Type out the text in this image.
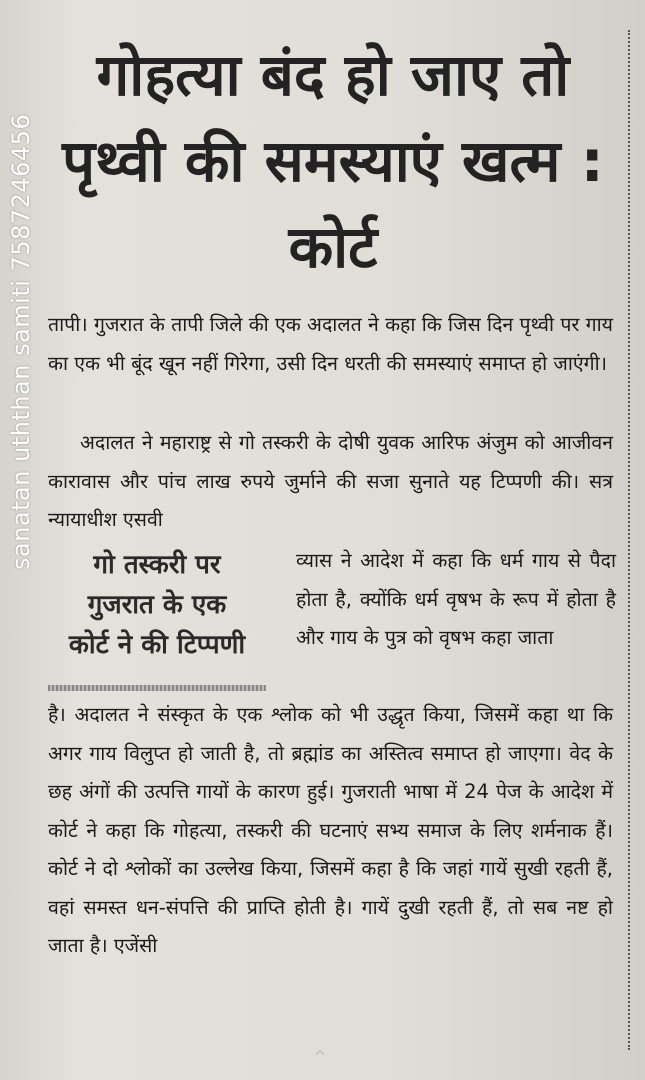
sanatan uththan samiti 7587246456
गोहत्या बंद हो जाए तो पृथ्वी की समस्याएं खत्म : कोर्ट

तापी। गुजरात के तापी जिले की एक अदालत ने कहा कि जिस दिन पृथ्वी पर गाय का एक भी बूंद खून नहीं गिरेगा, उसी दिन धरती की समस्याएं समाप्त हो जाएंगी।

अदालत ने महाराष्ट्र से गो तस्करी के दोषी युवक आरिफ अंजुम को आजीवन कारावास और पांच लाख रुपये जुर्माने की सजा सुनाते यह टिप्पणी की। सत्र न्यायाधीश एसवी

गो तस्करी पर

गुजरात के एक

कोर्ट ने की टिप्पणी

व्यास ने आदेश में कहा कि धर्म गाय से पैदा होता है, क्योंकि धर्म वृषभ के रूप में होता है और गाय के पुत्र को वृषभ कहा जाता

है। अदालत ने संस्कृत के एक श्लोक को भी उद्धृत किया, जिसमें कहा था कि अगर गाय विलुप्त हो जाती है, तो ब्रह्मांड का अस्तित्व समाप्त हो जाएगा। वेद के छह अंगों की उत्पत्ति गायों के कारण हुई। गुजराती भाषा में 24 पेज के आदेश में कोर्ट ने कहा कि गोहत्या, तस्करी की घटनाएं सभ्य समाज के लिए शर्मनाक हैं। कोर्ट ने दो श्लोकों का उल्लेख किया, जिसमें कहा है कि जहां गायें सुखी रहती हैं, वहां समस्त धन-संपत्ति की प्राप्ति होती है। गायें दुखी रहती हैं, तो सब नष्ट हो जाता है। एजेंसी

⌃
